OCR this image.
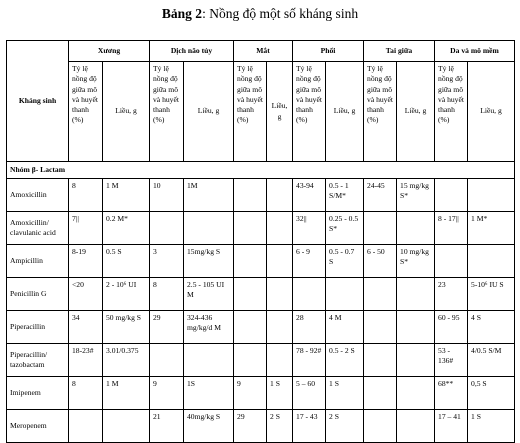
Bảng 2: Nồng độ một số kháng sinh
Kháng sinh	Xương		Dịch não tủy		Mắt		Phổi		Tai giữa		Da và mô mềm	
	Tỷ lệ nồng độ giữa mô và huyết thanh (%)	Liều, g	Tỷ lệ nồng độ giữa mô và huyết thanh (%)	Liều, g	Tỷ lệ nồng độ giữa mô và huyết thanh (%)	Liều, g	Tỷ lệ nồng độ giữa mô và huyết thanh (%)	Liều, g	Tỷ lệ nồng độ giữa mô và huyết thanh (%)	Liều, g	Tỷ lệ nồng độ giữa mô và huyết thanh (%)	Liều, g
Nhóm β- Lactam												
Amoxicillin	8	1 M	10	1M			43-94	0.5 - 1 S/M*	24-45	15 mg/kg S*		
Amoxicillin/ clavulanic acid	7||	0.2 M*					32||	0.25 - 0.5 S*			8 - 17||	1 M*
Ampicillin	8-19	0.5 S	3	15mg/kg S			6 - 9	0.5 - 0.7 S	6 - 50	10 mg/kg S*		
Penicillin G	<20	2 - 10⁶ UI	8	2.5 - 105 UI M							23	5-10⁶ IU S
Piperacillin	34	50 mg/kg S	29	324-436 mg/kg/d M			28	4 M			60 - 95	4 S
Piperacillin/ tazobactam	18-23#	3.01/0.375					78 - 92#	0.5 - 2 S			53 - 136#	4/0.5 S/M
Imipenem	8	1 M	9	1S	9	1 S	5 – 60	1 S			68**	0,5 S
Meropenem			21	40mg/kg S	29	2 S	17 - 43	2 S			17 – 41	1 S
